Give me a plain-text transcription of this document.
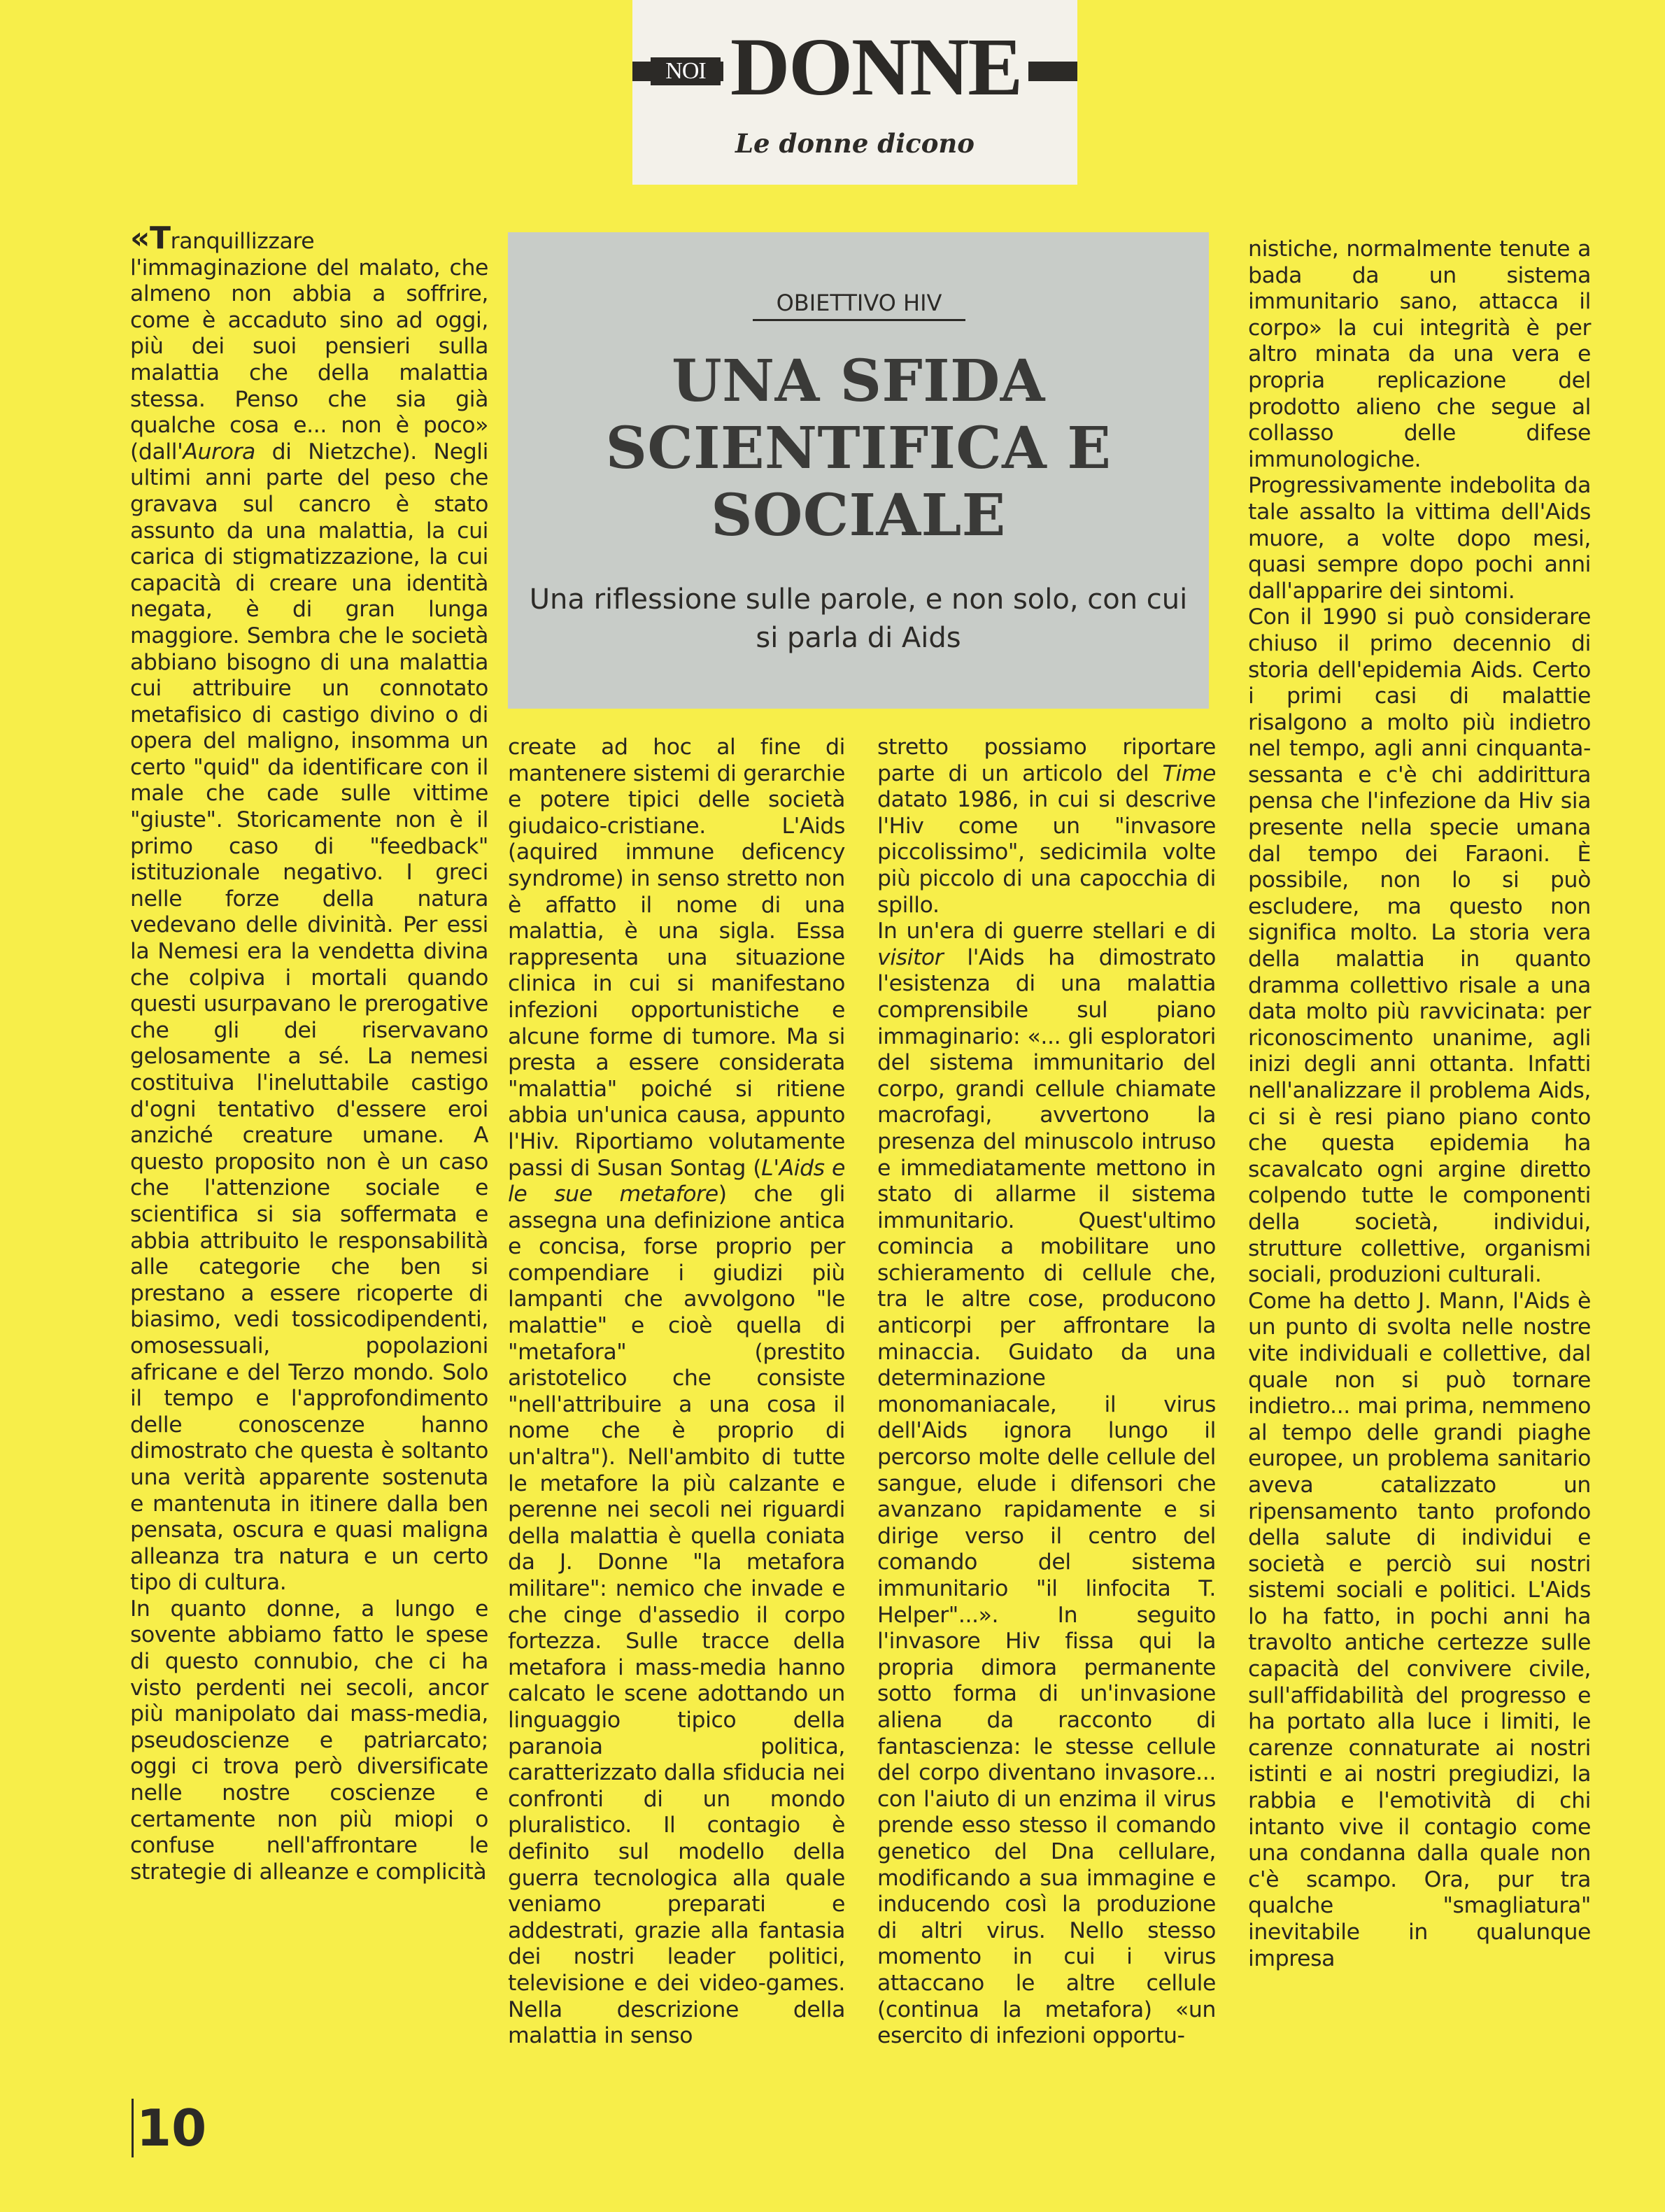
NOI DONNE
Le donne dicono
OBIETTIVO HIV
UNA SFIDA SCIENTIFICA E SOCIALE
Una riflessione sulle parole, e non solo, con cui si parla di Aids

«Tranquillizzare l'immaginazione del malato, che almeno non abbia a soffrire, come è accaduto sino ad oggi, più dei suoi pensieri sulla malattia che della malattia stessa. Penso che sia già qualche cosa e... non è poco» (dall'Aurora di Nietzche). Negli ultimi anni parte del peso che gravava sul cancro è stato assunto da una malattia, la cui carica di stigmatizzazione, la cui capacità di creare una identità negata, è di gran lunga maggiore. Sembra che le società abbiano bisogno di una malattia cui attribuire un connotato metafisico di castigo divino o di opera del maligno, insomma un certo "quid" da identificare con il male che cade sulle vittime "giuste". Storicamente non è il primo caso di "feedback" istituzionale negativo. I greci nelle forze della natura vedevano delle divinità. Per essi la Nemesi era la vendetta divina che colpiva i mortali quando questi usurpavano le prerogative che gli dei riservavano gelosamente a sé. La nemesi costituiva l'ineluttabile castigo d'ogni tentativo d'essere eroi anziché creature umane. A questo proposito non è un caso che l'attenzione sociale e scientifica si sia soffermata e abbia attribuito le responsabilità alle categorie che ben si prestano a essere ricoperte di biasimo, vedi tossicodipendenti, omosessuali, popolazioni africane e del Terzo mondo. Solo il tempo e l'approfondimento delle conoscenze hanno dimostrato che questa è soltanto una verità apparente sostenuta e mantenuta in itinere dalla ben pensata, oscura e quasi maligna alleanza tra natura e un certo tipo di cultura.

In quanto donne, a lungo e sovente abbiamo fatto le spese di questo connubio, che ci ha visto perdenti nei secoli, ancor più manipolato dai mass-media, pseudoscienze e patriarcato; oggi ci trova però diversificate nelle nostre coscienze e certamente non più miopi o confuse nell'affrontare le strategie di alleanze e complicità

create ad hoc al fine di mantenere sistemi di gerarchie e potere tipici delle società giudaico-cristiane. L'Aids (aquired immune deficency syndrome) in senso stretto non è affatto il nome di una malattia, è una sigla. Essa rappresenta una situazione clinica in cui si manifestano infezioni opportunistiche e alcune forme di tumore. Ma si presta a essere considerata "malattia" poiché si ritiene abbia un'unica causa, appunto l'Hiv. Riportiamo volutamente passi di Susan Sontag (L'Aids e le sue metafore) che gli assegna una definizione antica e concisa, forse proprio per compendiare i giudizi più lampanti che avvolgono "le malattie" e cioè quella di "metafora" (prestito aristotelico che consiste "nell'attribuire a una cosa il nome che è proprio di un'altra"). Nell'ambito di tutte le metafore la più calzante e perenne nei secoli nei riguardi della malattia è quella coniata da J. Donne "la metafora militare": nemico che invade e che cinge d'assedio il corpo fortezza. Sulle tracce della metafora i mass-media hanno calcato le scene adottando un linguaggio tipico della paranoia politica, caratterizzato dalla sfiducia nei confronti di un mondo pluralistico. Il contagio è definito sul modello della guerra tecnologica alla quale veniamo preparati e addestrati, grazie alla fantasia dei nostri leader politici, televisione e dei video-games. Nella descrizione della malattia in senso

stretto possiamo riportare parte di un articolo del Time datato 1986, in cui si descrive l'Hiv come un "invasore piccolissimo", sedicimila volte più piccolo di una capocchia di spillo.

In un'era di guerre stellari e di visitor l'Aids ha dimostrato l'esistenza di una malattia comprensibile sul piano immaginario: «... gli esploratori del sistema immunitario del corpo, grandi cellule chiamate macrofagi, avvertono la presenza del minuscolo intruso e immediatamente mettono in stato di allarme il sistema immunitario. Quest'ultimo comincia a mobilitare uno schieramento di cellule che, tra le altre cose, producono anticorpi per affrontare la minaccia. Guidato da una determinazione monomaniacale, il virus dell'Aids ignora lungo il percorso molte delle cellule del sangue, elude i difensori che avanzano rapidamente e si dirige verso il centro del comando del sistema immunitario "il linfocita T. Helper"...». In seguito l'invasore Hiv fissa qui la propria dimora permanente sotto forma di un'invasione aliena da racconto di fantascienza: le stesse cellule del corpo diventano invasore... con l'aiuto di un enzima il virus prende esso stesso il comando genetico del Dna cellulare, modificando a sua immagine e inducendo così la produzione di altri virus. Nello stesso momento in cui i virus attaccano le altre cellule (continua la metafora) «un esercito di infezioni opportu-

nistiche, normalmente tenute a bada da un sistema immunitario sano, attacca il corpo» la cui integrità è per altro minata da una vera e propria replicazione del prodotto alieno che segue al collasso delle difese immunologiche. Progressivamente indebolita da tale assalto la vittima dell'Aids muore, a volte dopo mesi, quasi sempre dopo pochi anni dall'apparire dei sintomi.

Con il 1990 si può considerare chiuso il primo decennio di storia dell'epidemia Aids. Certo i primi casi di malattie risalgono a molto più indietro nel tempo, agli anni cinquanta-sessanta e c'è chi addirittura pensa che l'infezione da Hiv sia presente nella specie umana dal tempo dei Faraoni. È possibile, non lo si può escludere, ma questo non significa molto. La storia vera della malattia in quanto dramma collettivo risale a una data molto più ravvicinata: per riconoscimento unanime, agli inizi degli anni ottanta. Infatti nell'analizzare il problema Aids, ci si è resi piano piano conto che questa epidemia ha scavalcato ogni argine diretto colpendo tutte le componenti della società, individui, strutture collettive, organismi sociali, produzioni culturali.

Come ha detto J. Mann, l'Aids è un punto di svolta nelle nostre vite individuali e collettive, dal quale non si può tornare indietro... mai prima, nemmeno al tempo delle grandi piaghe europee, un problema sanitario aveva catalizzato un ripensamento tanto profondo della salute di individui e società e perciò sui nostri sistemi sociali e politici. L'Aids lo ha fatto, in pochi anni ha travolto antiche certezze sulle capacità del convivere civile, sull'affidabilità del progresso e ha portato alla luce i limiti, le carenze connaturate ai nostri istinti e ai nostri pregiudizi, la rabbia e l'emotività di chi intanto vive il contagio come una condanna dalla quale non c'è scampo. Ora, pur tra qualche "smagliatura" inevitabile in qualunque impresa

10
